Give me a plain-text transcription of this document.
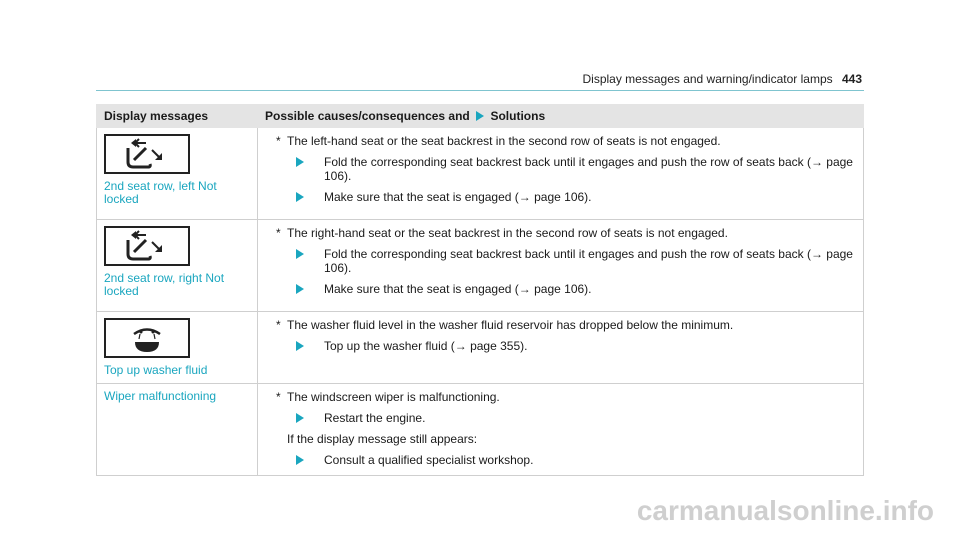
Display messages and warning/indicator lamps 443
Display messages	Possible causes/consequences and Solutions

2nd seat row, left Not locked	* The left-hand seat or the seat backrest in the second row of seats is not engaged.
Fold the corresponding seat backrest back until it engages and push the row of seats back (→ page 106).
Make sure that the seat is engaged (→ page 106).

2nd seat row, right Not locked	* The right-hand seat or the seat backrest in the second row of seats is not engaged.
Fold the corresponding seat backrest back until it engages and push the row of seats back (→ page 106).
Make sure that the seat is engaged (→ page 106).

Top up washer fluid	* The washer fluid level in the washer fluid reservoir has dropped below the minimum.
Top up the washer fluid (→ page 355).

Wiper malfunctioning	* The windscreen wiper is malfunctioning.
Restart the engine.
If the display message still appears:
Consult a qualified specialist workshop.
carmanualsonline.info
